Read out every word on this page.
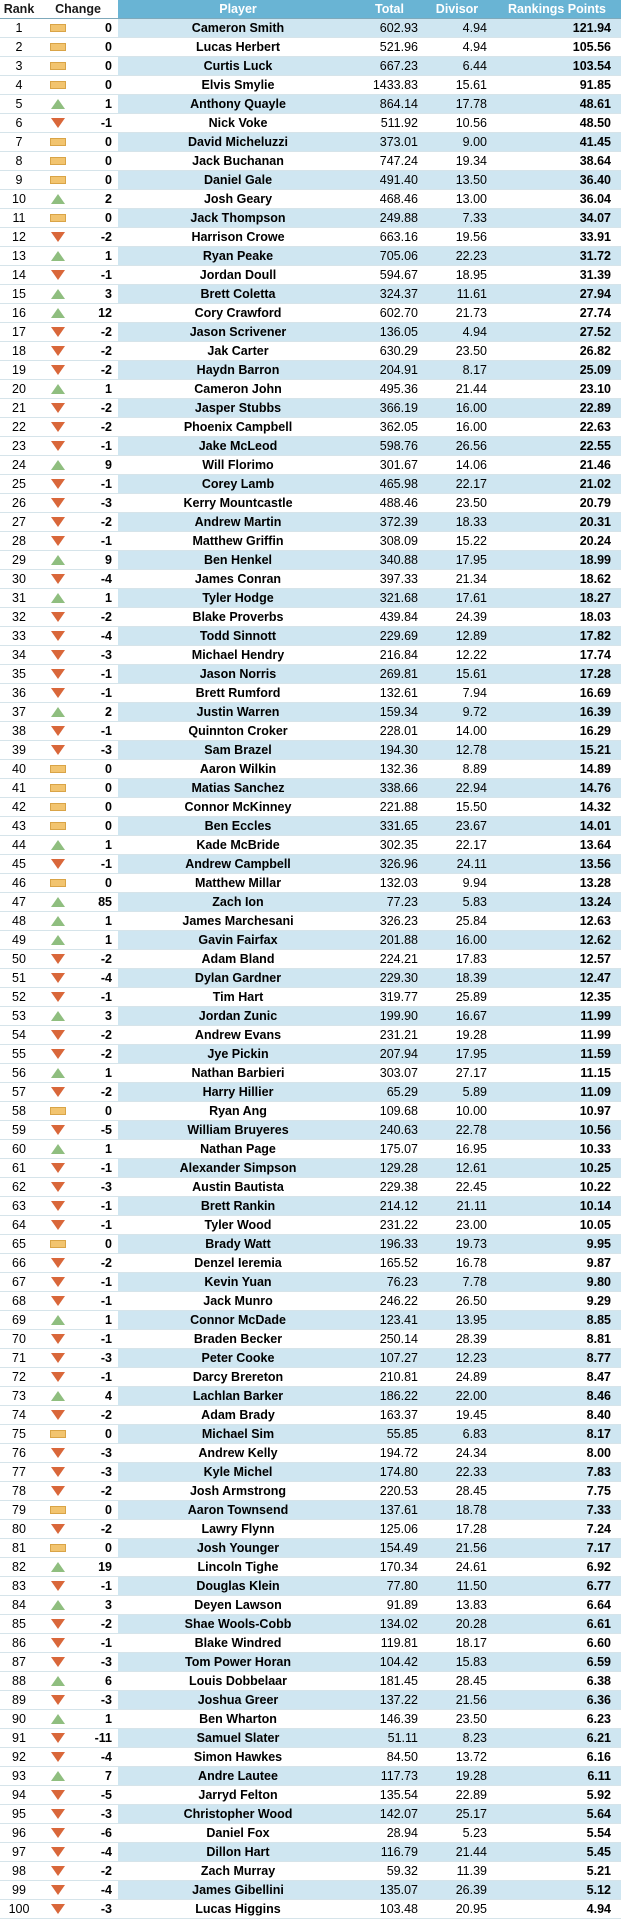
Rank	Change		Player	Total	Divisor	Rankings Points
1		0	Cameron Smith	602.93	4.94	121.94
2		0	Lucas Herbert	521.96	4.94	105.56
3		0	Curtis Luck	667.23	6.44	103.54
4		0	Elvis Smylie	1433.83	15.61	91.85
5		1	Anthony Quayle	864.14	17.78	48.61
6		-1	Nick Voke	511.92	10.56	48.50
7		0	David Micheluzzi	373.01	9.00	41.45
8		0	Jack Buchanan	747.24	19.34	38.64
9		0	Daniel Gale	491.40	13.50	36.40
10		2	Josh Geary	468.46	13.00	36.04
11		0	Jack Thompson	249.88	7.33	34.07
12		-2	Harrison Crowe	663.16	19.56	33.91
13		1	Ryan Peake	705.06	22.23	31.72
14		-1	Jordan Doull	594.67	18.95	31.39
15		3	Brett Coletta	324.37	11.61	27.94
16		12	Cory Crawford	602.70	21.73	27.74
17		-2	Jason Scrivener	136.05	4.94	27.52
18		-2	Jak Carter	630.29	23.50	26.82
19		-2	Haydn Barron	204.91	8.17	25.09
20		1	Cameron John	495.36	21.44	23.10
21		-2	Jasper Stubbs	366.19	16.00	22.89
22		-2	Phoenix Campbell	362.05	16.00	22.63
23		-1	Jake McLeod	598.76	26.56	22.55
24		9	Will Florimo	301.67	14.06	21.46
25		-1	Corey Lamb	465.98	22.17	21.02
26		-3	Kerry Mountcastle	488.46	23.50	20.79
27		-2	Andrew Martin	372.39	18.33	20.31
28		-1	Matthew Griffin	308.09	15.22	20.24
29		9	Ben Henkel	340.88	17.95	18.99
30		-4	James Conran	397.33	21.34	18.62
31		1	Tyler Hodge	321.68	17.61	18.27
32		-2	Blake Proverbs	439.84	24.39	18.03
33		-4	Todd Sinnott	229.69	12.89	17.82
34		-3	Michael Hendry	216.84	12.22	17.74
35		-1	Jason Norris	269.81	15.61	17.28
36		-1	Brett Rumford	132.61	7.94	16.69
37		2	Justin Warren	159.34	9.72	16.39
38		-1	Quinnton Croker	228.01	14.00	16.29
39		-3	Sam Brazel	194.30	12.78	15.21
40		0	Aaron Wilkin	132.36	8.89	14.89
41		0	Matias Sanchez	338.66	22.94	14.76
42		0	Connor McKinney	221.88	15.50	14.32
43		0	Ben Eccles	331.65	23.67	14.01
44		1	Kade McBride	302.35	22.17	13.64
45		-1	Andrew Campbell	326.96	24.11	13.56
46		0	Matthew Millar	132.03	9.94	13.28
47		85	Zach Ion	77.23	5.83	13.24
48		1	James Marchesani	326.23	25.84	12.63
49		1	Gavin Fairfax	201.88	16.00	12.62
50		-2	Adam Bland	224.21	17.83	12.57
51		-4	Dylan Gardner	229.30	18.39	12.47
52		-1	Tim Hart	319.77	25.89	12.35
53		3	Jordan Zunic	199.90	16.67	11.99
54		-2	Andrew Evans	231.21	19.28	11.99
55		-2	Jye Pickin	207.94	17.95	11.59
56		1	Nathan Barbieri	303.07	27.17	11.15
57		-2	Harry Hillier	65.29	5.89	11.09
58		0	Ryan Ang	109.68	10.00	10.97
59		-5	William Bruyeres	240.63	22.78	10.56
60		1	Nathan Page	175.07	16.95	10.33
61		-1	Alexander Simpson	129.28	12.61	10.25
62		-3	Austin Bautista	229.38	22.45	10.22
63		-1	Brett Rankin	214.12	21.11	10.14
64		-1	Tyler Wood	231.22	23.00	10.05
65		0	Brady Watt	196.33	19.73	9.95
66		-2	Denzel Ieremia	165.52	16.78	9.87
67		-1	Kevin Yuan	76.23	7.78	9.80
68		-1	Jack Munro	246.22	26.50	9.29
69		1	Connor McDade	123.41	13.95	8.85
70		-1	Braden Becker	250.14	28.39	8.81
71		-3	Peter Cooke	107.27	12.23	8.77
72		-1	Darcy Brereton	210.81	24.89	8.47
73		4	Lachlan Barker	186.22	22.00	8.46
74		-2	Adam Brady	163.37	19.45	8.40
75		0	Michael Sim	55.85	6.83	8.17
76		-3	Andrew Kelly	194.72	24.34	8.00
77		-3	Kyle Michel	174.80	22.33	7.83
78		-2	Josh Armstrong	220.53	28.45	7.75
79		0	Aaron Townsend	137.61	18.78	7.33
80		-2	Lawry Flynn	125.06	17.28	7.24
81		0	Josh Younger	154.49	21.56	7.17
82		19	Lincoln Tighe	170.34	24.61	6.92
83		-1	Douglas Klein	77.80	11.50	6.77
84		3	Deyen Lawson	91.89	13.83	6.64
85		-2	Shae Wools-Cobb	134.02	20.28	6.61
86		-1	Blake Windred	119.81	18.17	6.60
87		-3	Tom Power Horan	104.42	15.83	6.59
88		6	Louis Dobbelaar	181.45	28.45	6.38
89		-3	Joshua Greer	137.22	21.56	6.36
90		1	Ben Wharton	146.39	23.50	6.23
91		-11	Samuel Slater	51.11	8.23	6.21
92		-4	Simon Hawkes	84.50	13.72	6.16
93		7	Andre Lautee	117.73	19.28	6.11
94		-5	Jarryd Felton	135.54	22.89	5.92
95		-3	Christopher Wood	142.07	25.17	5.64
96		-6	Daniel Fox	28.94	5.23	5.54
97		-4	Dillon Hart	116.79	21.44	5.45
98		-2	Zach Murray	59.32	11.39	5.21
99		-4	James Gibellini	135.07	26.39	5.12
100		-3	Lucas Higgins	103.48	20.95	4.94
